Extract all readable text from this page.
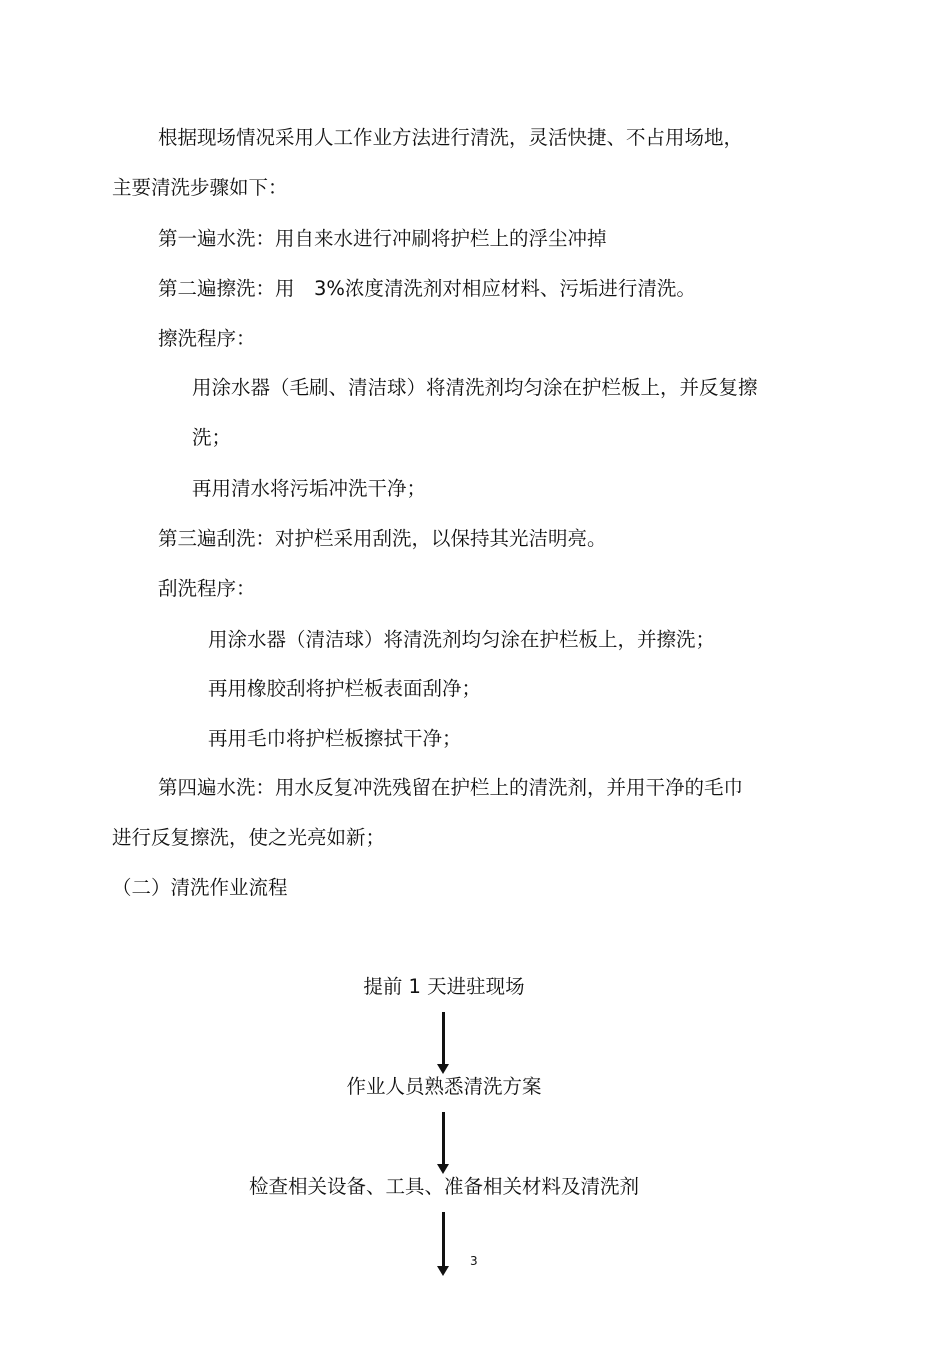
根据现场情况采用人工作业方法进行清洗，灵活快捷、不占用场地，
主要清洗步骤如下：
第一遍水洗：用自来水进行冲刷将护栏上的浮尘冲掉
第二遍擦洗：用　3%浓度清洗剂对相应材料、污垢进行清洗。
擦洗程序：
用涂水器（毛刷、清洁球）将清洗剂均匀涂在护栏板上，并反复擦
洗；
再用清水将污垢冲洗干净；
第三遍刮洗：对护栏采用刮洗，以保持其光洁明亮。
刮洗程序：
用涂水器（清洁球）将清洗剂均匀涂在护栏板上，并擦洗；
再用橡胶刮将护栏板表面刮净；
再用毛巾将护栏板擦拭干净；
第四遍水洗：用水反复冲洗残留在护栏上的清洗剂，并用干净的毛巾
进行反复擦洗，使之光亮如新；
（二）清洗作业流程
提前 1 天进驻现场
作业人员熟悉清洗方案
检查相关设备、工具、准备相关材料及清洗剂
3
